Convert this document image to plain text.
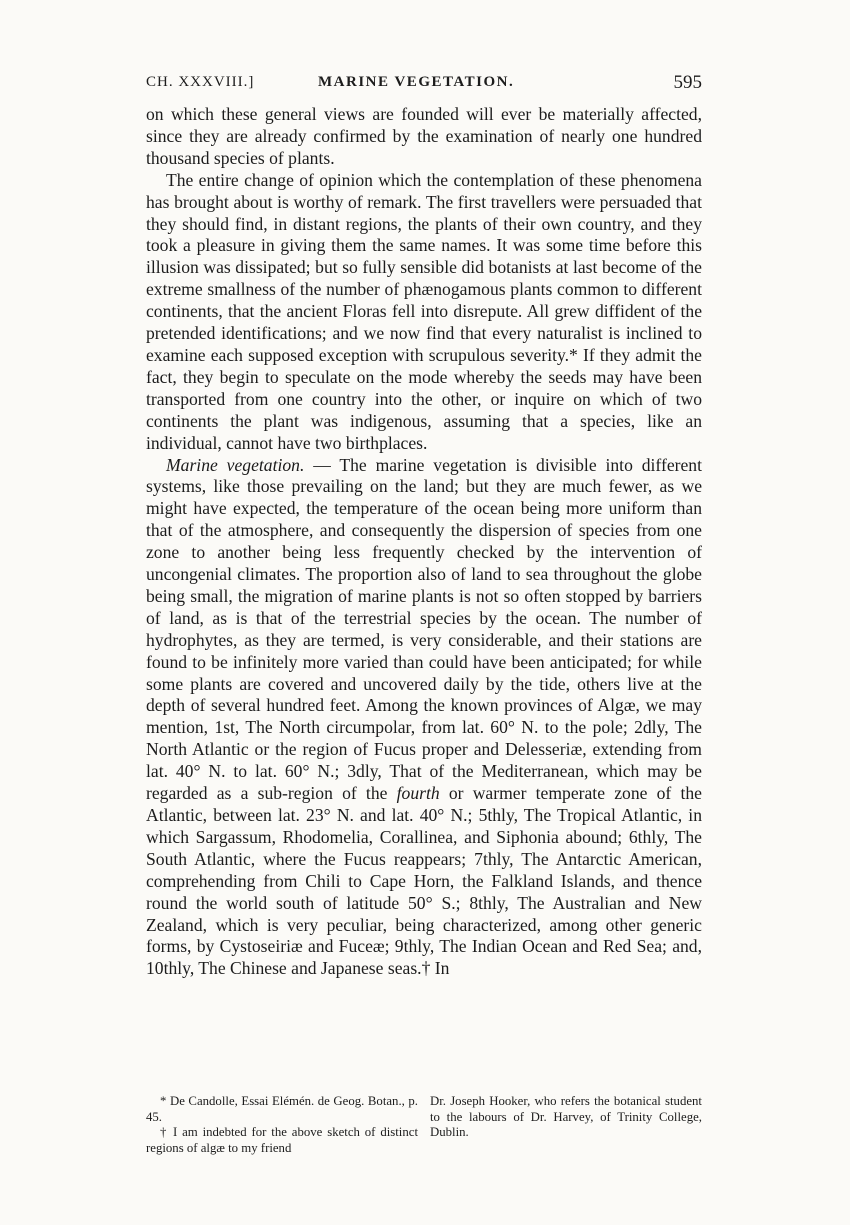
CH. XXXVIII.]	MARINE VEGETATION.	595

on which these general views are founded will ever be materially affected, since they are already confirmed by the examination of nearly one hundred thousand species of plants.

The entire change of opinion which the contemplation of these phenomena has brought about is worthy of remark. The first travellers were persuaded that they should find, in distant regions, the plants of their own country, and they took a pleasure in giving them the same names. It was some time before this illusion was dissipated; but so fully sensible did botanists at last become of the extreme smallness of the number of phænogamous plants common to different continents, that the ancient Floras fell into disrepute. All grew diffident of the pretended identifications; and we now find that every naturalist is inclined to examine each supposed exception with scrupulous severity.* If they admit the fact, they begin to speculate on the mode whereby the seeds may have been transported from one country into the other, or inquire on which of two continents the plant was indigenous, assuming that a species, like an individual, cannot have two birthplaces.

Marine vegetation. — The marine vegetation is divisible into different systems, like those prevailing on the land; but they are much fewer, as we might have expected, the temperature of the ocean being more uniform than that of the atmosphere, and consequently the dispersion of species from one zone to another being less frequently checked by the intervention of uncongenial climates. The proportion also of land to sea throughout the globe being small, the migration of marine plants is not so often stopped by barriers of land, as is that of the terrestrial species by the ocean. The number of hydrophytes, as they are termed, is very considerable, and their stations are found to be infinitely more varied than could have been anticipated; for while some plants are covered and uncovered daily by the tide, others live at the depth of several hundred feet. Among the known provinces of Algæ, we may mention, 1st, The North circumpolar, from lat. 60° N. to the pole; 2dly, The North Atlantic or the region of Fucus proper and Delesseriæ, extending from lat. 40° N. to lat. 60° N.; 3dly, That of the Mediterranean, which may be regarded as a sub-region of the fourth or warmer temperate zone of the Atlantic, between lat. 23° N. and lat. 40° N.; 5thly, The Tropical Atlantic, in which Sargassum, Rhodomelia, Corallinea, and Siphonia abound; 6thly, The South Atlantic, where the Fucus reappears; 7thly, The Antarctic American, comprehending from Chili to Cape Horn, the Falkland Islands, and thence round the world south of latitude 50° S.; 8thly, The Australian and New Zealand, which is very peculiar, being characterized, among other generic forms, by Cystoseiriæ and Fuceæ; 9thly, The Indian Ocean and Red Sea; and, 10thly, The Chinese and Japanese seas.† In

* De Candolle, Essai Elémén. de Geog. Botan., p. 45.

† I am indebted for the above sketch of distinct regions of algæ to my friend

Dr. Joseph Hooker, who refers the botanical student to the labours of Dr. Harvey, of Trinity College, Dublin.
